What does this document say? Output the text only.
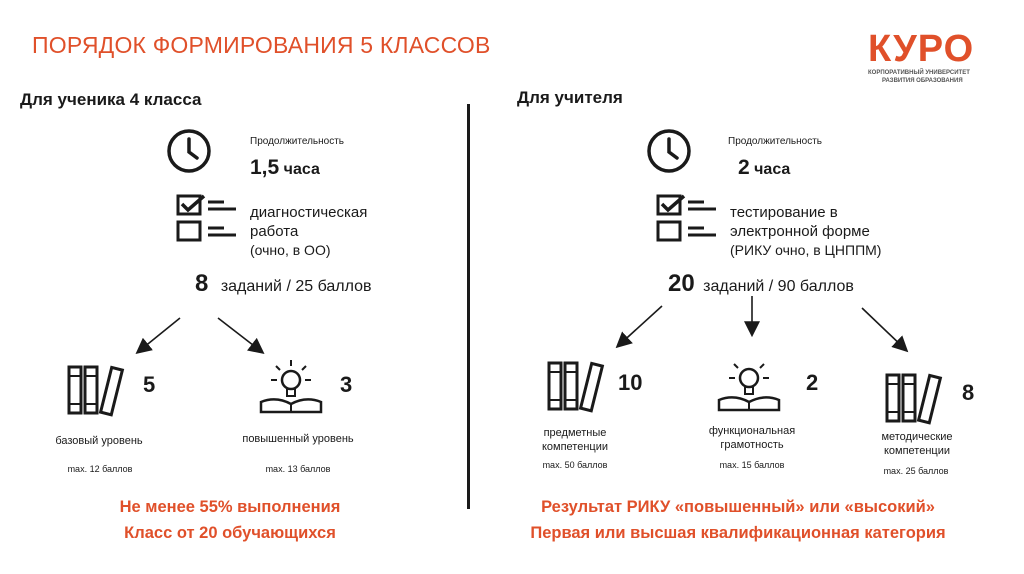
ПОРЯДОК ФОРМИРОВАНИЯ 5 КЛАССОВ	КУРО
КОРПОРАТИВНЫЙ УНИВЕРСИТЕТ
РАЗВИТИЯ ОБРАЗОВАНИЯ
Для ученика 4 класса
Продолжительность
1,5 часа
диагностическая
работа
(очно, в ОО)
8 заданий / 25 баллов
5	3
базовый уровень
max. 12 баллов
повышенный уровень
max. 13 баллов
Не менее 55% выполнения
Класс от 20 обучающихся
Для учителя
Продолжительность
2 часа
тестирование в
электронной форме
(РИКУ очно, в ЦНППМ)
20 заданий / 90 баллов
10
предметные
компетенции
max. 50 баллов
2
функциональная
грамотность
max. 15 баллов
8
методические
компетенции
max. 25 баллов
Результат РИКУ «повышенный» или «высокий»
Первая или высшая квалификационная категория
